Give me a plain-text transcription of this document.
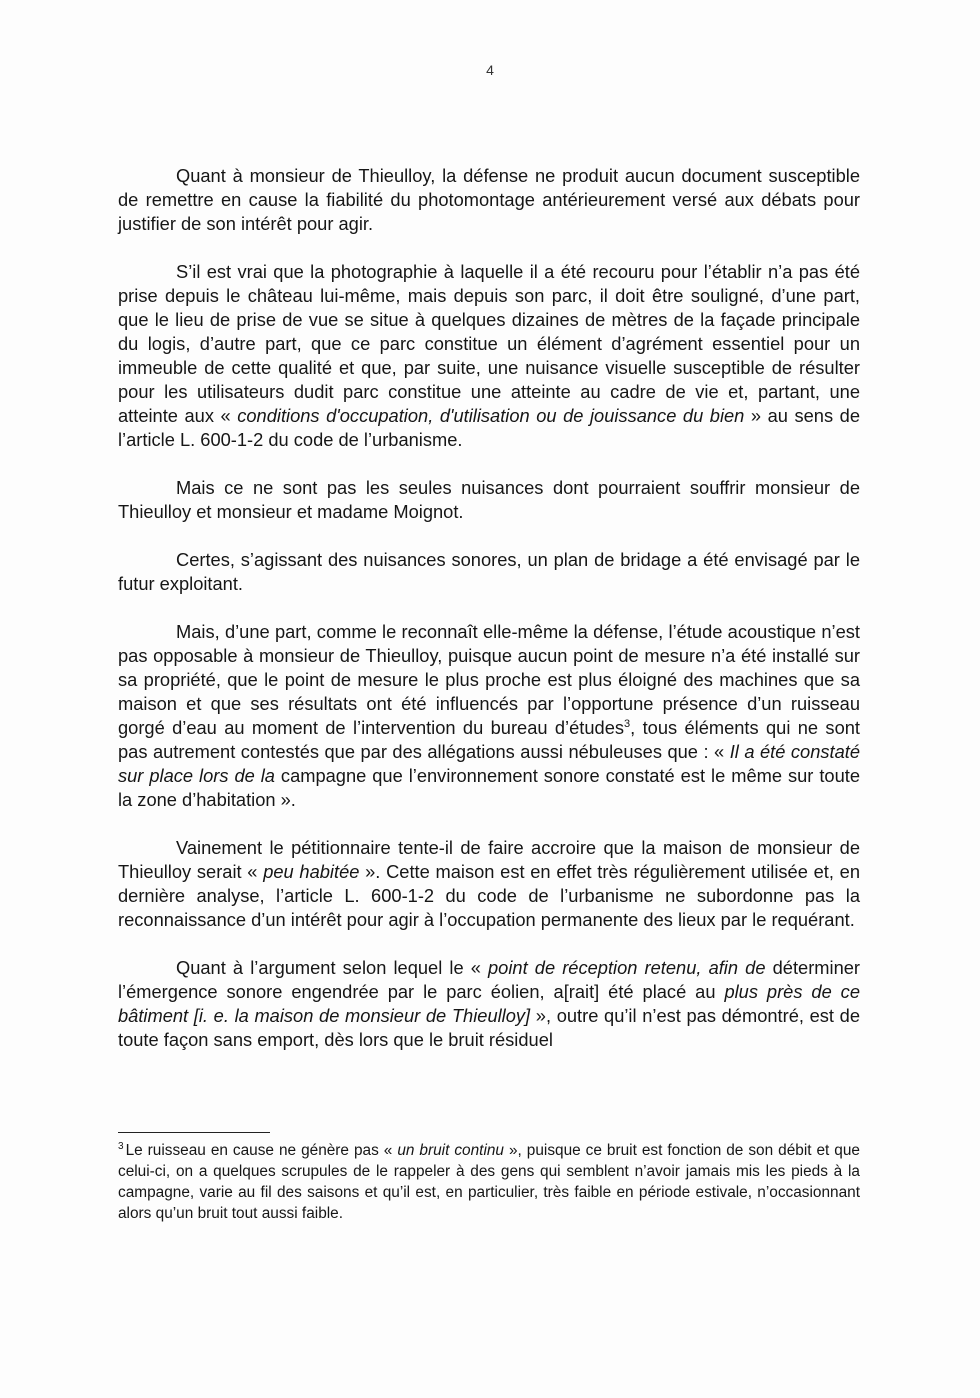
4

Quant à monsieur de Thieulloy, la défense ne produit aucun document susceptible de remettre en cause la fiabilité du photomontage antérieurement versé aux débats pour justifier de son intérêt pour agir.

S’il est vrai que la photographie à laquelle il a été recouru pour l’établir n’a pas été prise depuis le château lui-même, mais depuis son parc, il doit être souligné, d’une part, que le lieu de prise de vue se situe à quelques dizaines de mètres de la façade principale du logis, d’autre part, que ce parc constitue un élément d’agrément essentiel pour un immeuble de cette qualité et que, par suite, une nuisance visuelle susceptible de résulter pour les utilisateurs dudit parc constitue une atteinte au cadre de vie et, partant, une atteinte aux « conditions d'occupation, d'utilisation ou de jouissance du bien » au sens de l’article L. 600-1-2 du code de l’urbanisme.

Mais ce ne sont pas les seules nuisances dont pourraient souffrir monsieur de Thieulloy et monsieur et madame Moignot.

Certes, s’agissant des nuisances sonores, un plan de bridage a été envisagé par le futur exploitant.

Mais, d’une part, comme le reconnaît elle-même la défense, l’étude acoustique n’est pas opposable à monsieur de Thieulloy, puisque aucun point de mesure n’a été installé sur sa propriété, que le point de mesure le plus proche est plus éloigné des machines que sa maison et que ses résultats ont été influencés par l’opportune présence d’un ruisseau gorgé d’eau au moment de l’intervention du bureau d’études$^3$, tous éléments qui ne sont pas autrement contestés que par des allégations aussi nébuleuses que : « Il a été constaté sur place lors de la campagne que l’environnement sonore constaté est le même sur toute la zone d’habitation ».

Vainement le pétitionnaire tente-il de faire accroire que la maison de monsieur de Thieulloy serait « peu habitée ». Cette maison est en effet très régulièrement utilisée et, en dernière analyse, l’article L. 600-1-2 du code de l’urbanisme ne subordonne pas la reconnaissance d’un intérêt pour agir à l’occupation permanente des lieux par le requérant.

Quant à l’argument selon lequel le « point de réception retenu, afin de déterminer l’émergence sonore engendrée par le parc éolien, a[rait] été placé au plus près de ce bâtiment [i. e. la maison de monsieur de Thieulloy] », outre qu’il n’est pas démontré, est de toute façon sans emport, dès lors que le bruit résiduel

$^3$ Le ruisseau en cause ne génère pas « un bruit continu », puisque ce bruit est fonction de son débit et que celui-ci, on a quelques scrupules de le rappeler à des gens qui semblent n’avoir jamais mis les pieds à la campagne, varie au fil des saisons et qu’il est, en particulier, très faible en période estivale, n’occasionnant alors qu’un bruit tout aussi faible.
